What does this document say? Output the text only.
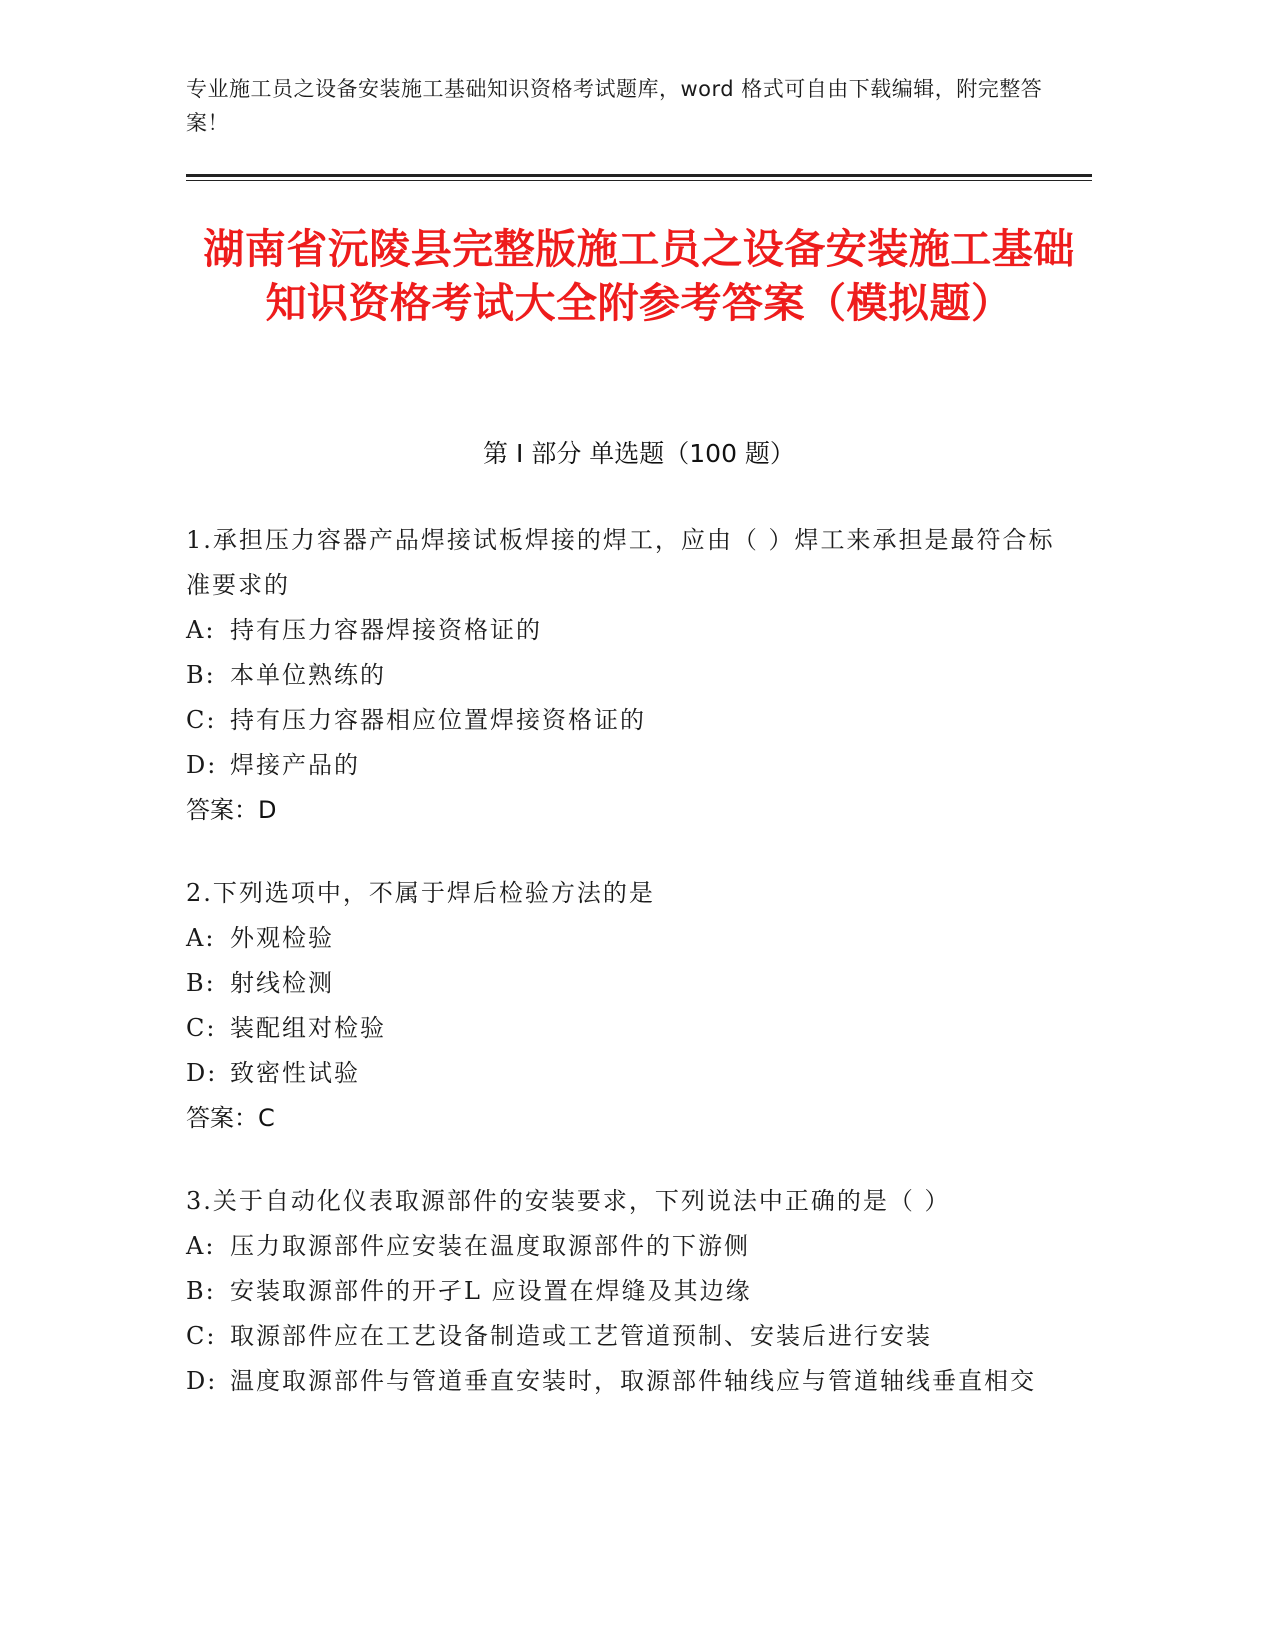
专业施工员之设备安装施工基础知识资格考试题库，word 格式可自由下载编辑，附完整答案！
湖南省沅陵县完整版施工员之设备安装施工基础知识资格考试大全附参考答案（模拟题）
第 I 部分 单选题（100 题）

1.承担压力容器产品焊接试板焊接的焊工，应由（ ）焊工来承担是最符合标准要求的

A: 持有压力容器焊接资格证的
B: 本单位熟练的
C: 持有压力容器相应位置焊接资格证的
D: 焊接产品的

答案：D

2.下列选项中，不属于焊后检验方法的是

A: 外观检验
B: 射线检测
C: 装配组对检验
D: 致密性试验

答案：C

3.关于自动化仪表取源部件的安装要求，下列说法中正确的是（ ）

A: 压力取源部件应安装在温度取源部件的下游侧
B: 安装取源部件的开孑L 应设置在焊缝及其边缘
C: 取源部件应在工艺设备制造或工艺管道预制、安装后进行安装
D: 温度取源部件与管道垂直安装时，取源部件轴线应与管道轴线垂直相交
